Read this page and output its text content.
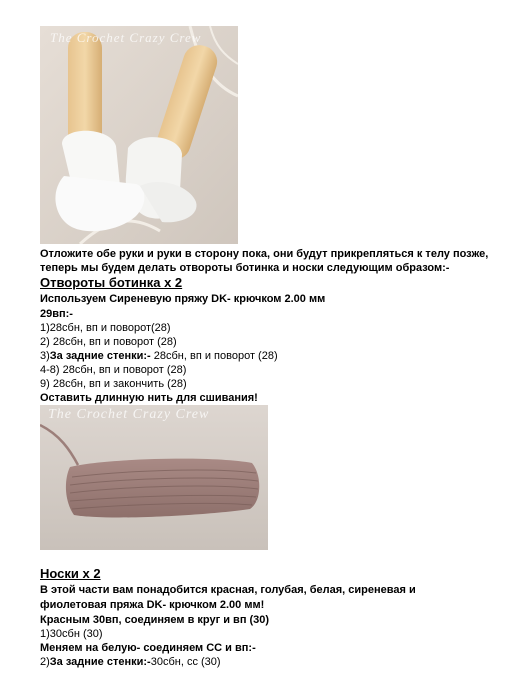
The Crochet Crazy Crew
Отложите обе руки и руки в сторону пока, они будут прикрепляться к телу позже,
теперь мы будем делать отвороты ботинка и носки следующим образом:-
Отвороты ботинка x 2
Используем Сиреневую пряжу DK- крючком 2.00 мм
29вп:-
1)28сбн, вп и поворот(28)
2) 28сбн, вп и поворот (28)
3)За задние стенки:- 28сбн, вп и поворот (28)
4-8) 28сбн, вп и поворот (28)
9) 28сбн, вп и закончить (28)
Оставить длинную нить для сшивания!
The Crochet Crazy Crew
Носки x 2
В этой части вам понадобится красная, голубая, белая, сиреневая и
фиолетовая пряжа DK- крючком 2.00 мм!
Красным 30вп, соединяем в круг и вп (30)
1)30сбн (30)
Меняем на белую- соединяем СС и вп:-
2)За задние стенки:-30сбн, сс (30)
